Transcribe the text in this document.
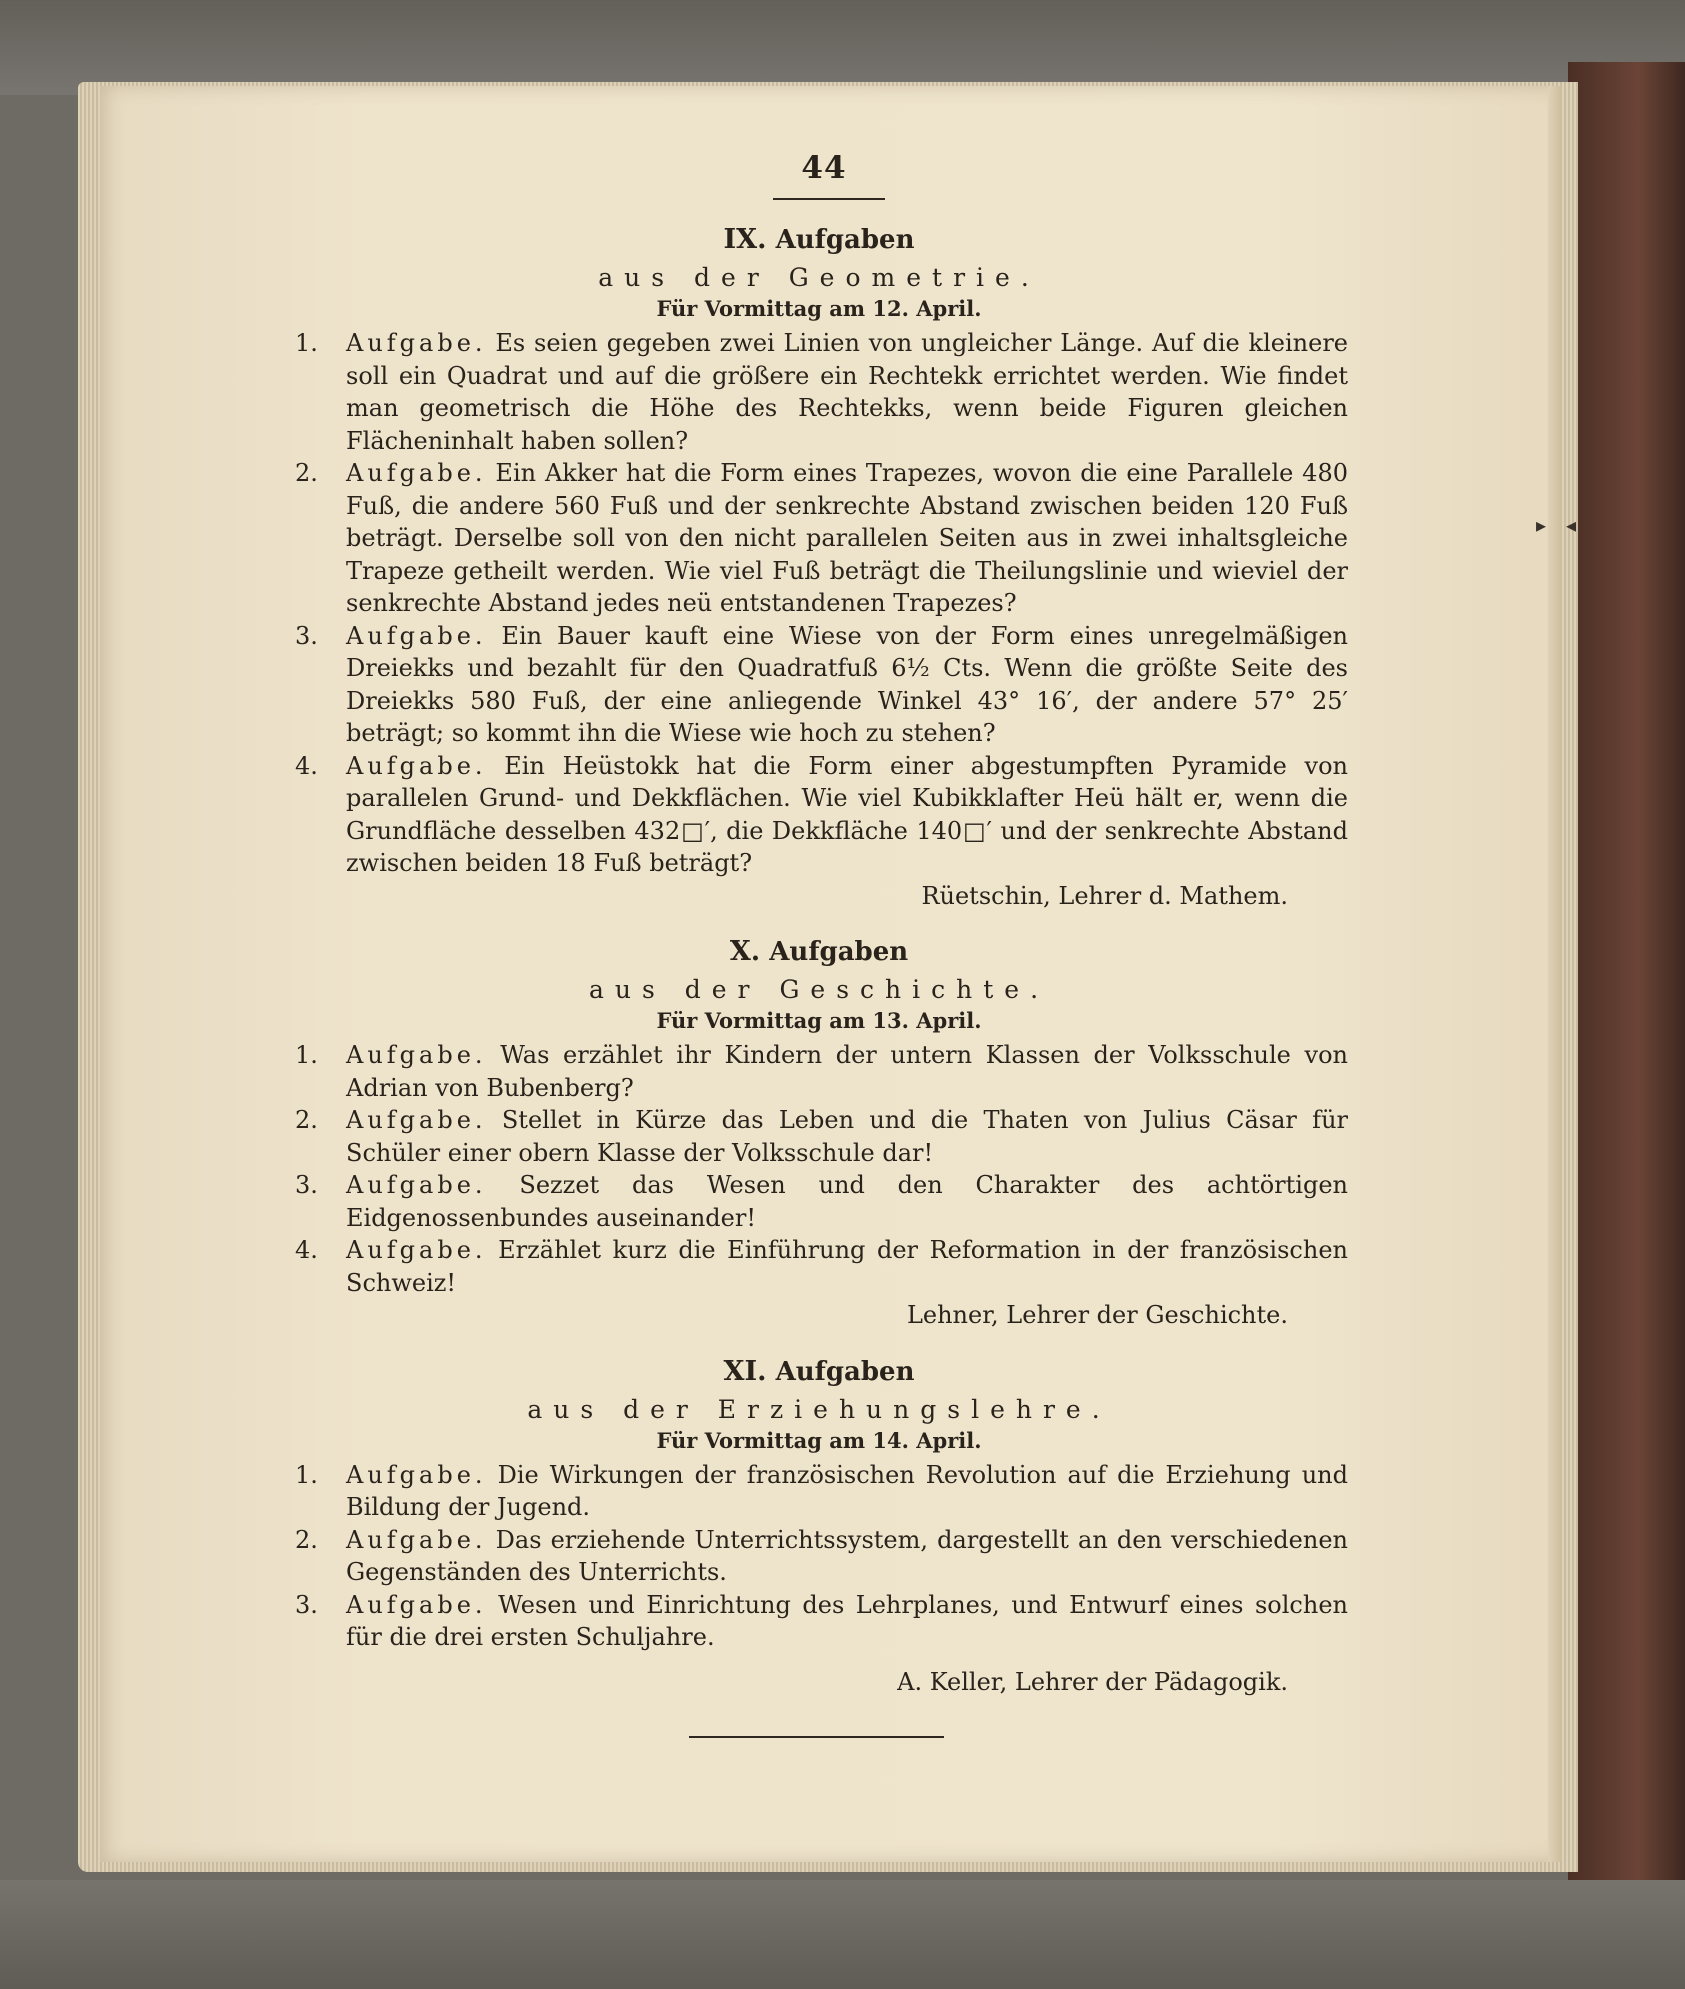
▸ ◂
44
IX. Aufgaben
aus der Geometrie.
Für Vormittag am 12. April.
1. Aufgabe. Es seien gegeben zwei Linien von ungleicher Länge. Auf die kleinere soll ein Quadrat und auf die größere ein Rechtekk errichtet werden. Wie findet man geometrisch die Höhe des Rechtekks, wenn beide Figuren gleichen Flächeninhalt haben sollen?
2. Aufgabe. Ein Akker hat die Form eines Trapezes, wovon die eine Parallele 480 Fuß, die andere 560 Fuß und der senkrechte Abstand zwischen beiden 120 Fuß beträgt. Derselbe soll von den nicht parallelen Seiten aus in zwei inhaltsgleiche Trapeze getheilt werden. Wie viel Fuß beträgt die Theilungslinie und wieviel der senkrechte Abstand jedes neü entstandenen Trapezes?
3. Aufgabe. Ein Bauer kauft eine Wiese von der Form eines unregelmäßigen Dreiekks und bezahlt für den Quadratfuß 6½ Cts. Wenn die größte Seite des Dreiekks 580 Fuß, der eine anliegende Winkel 43° 16′, der andere 57° 25′ beträgt; so kommt ihn die Wiese wie hoch zu stehen?
4. Aufgabe. Ein Heüstokk hat die Form einer abgestumpften Pyramide von parallelen Grund- und Dekkflächen. Wie viel Kubikklafter Heü hält er, wenn die Grundfläche desselben 432□′, die Dekkfläche 140□′ und der senkrechte Abstand zwischen beiden 18 Fuß beträgt?
Rüetschin, Lehrer d. Mathem.
X. Aufgaben
aus der Geschichte.
Für Vormittag am 13. April.
1. Aufgabe. Was erzählet ihr Kindern der untern Klassen der Volksschule von Adrian von Bubenberg?
2. Aufgabe. Stellet in Kürze das Leben und die Thaten von Julius Cäsar für Schüler einer obern Klasse der Volksschule dar!
3. Aufgabe. Sezzet das Wesen und den Charakter des achtörtigen Eidgenossenbundes auseinander!
4. Aufgabe. Erzählet kurz die Einführung der Reformation in der französischen Schweiz!
Lehner, Lehrer der Geschichte.
XI. Aufgaben
aus der Erziehungslehre.
Für Vormittag am 14. April.
1. Aufgabe. Die Wirkungen der französischen Revolution auf die Erziehung und Bildung der Jugend.
2. Aufgabe. Das erziehende Unterrichtssystem, dargestellt an den verschiedenen Gegenständen des Unterrichts.
3. Aufgabe. Wesen und Einrichtung des Lehrplanes, und Entwurf eines solchen für die drei ersten Schuljahre.
A. Keller, Lehrer der Pädagogik.
